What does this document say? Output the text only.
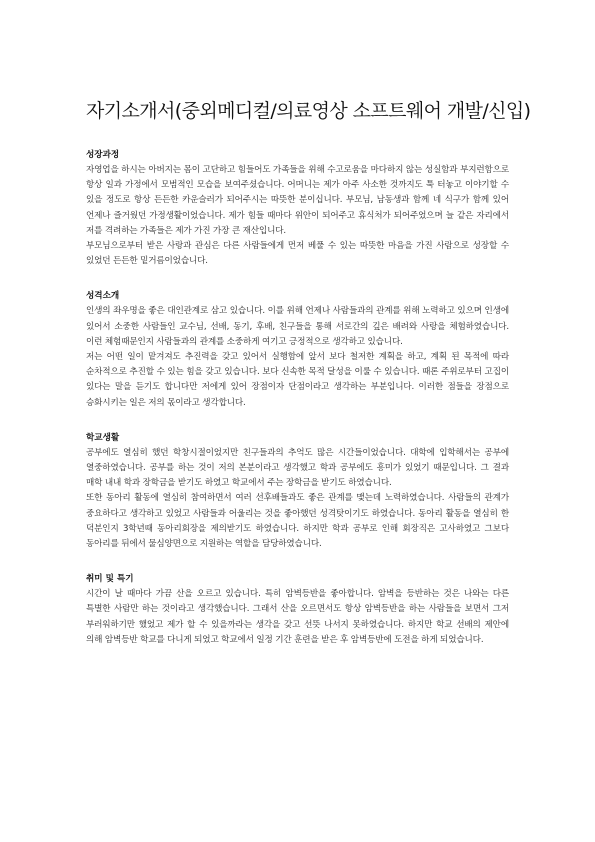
자기소개서(중외메디컬/의료영상 소프트웨어 개발/신입)
성장과정

자영업을 하시는 아버지는 몸이 고단하고 힘들어도 가족들을 위해 수고로움을 마다하지 않는 성실함과 부지런함으로 항상 일과 가정에서 모범적인 모습을 보여주셨습니다. 어머니는 제가 아주 사소한 것까지도 툭 터놓고 이야기할 수 있을 정도로 항상 든든한 카운슬러가 되어주시는 따뜻한 분이십니다. 부모님, 남동생과 함께 네 식구가 함께 있어 언제나 즐거웠던 가정생활이었습니다. 제가 힘들 때마다 위안이 되어주고 휴식처가 되어주었으며 늘 같은 자리에서 저를 격려하는 가족들은 제가 가진 가장 큰 재산입니다.

부모님으로부터 받은 사랑과 관심은 다른 사람들에게 먼저 베풀 수 있는 따뜻한 마음을 가진 사람으로 성장할 수 있었던 든든한 밑거름이었습니다.

성격소개

인생의 좌우명을 좋은 대인관계로 삼고 있습니다. 이를 위해 언제나 사람들과의 관계를 위해 노력하고 있으며 인생에 있어서 소중한 사람들인 교수님, 선배, 동기, 후배, 친구들을 통해 서로간의 깊은 배려와 사랑을 체험하였습니다. 이런 체험때문인지 사람들과의 관계를 소중하게 여기고 긍정적으로 생각하고 있습니다.

저는 어떤 일이 맡겨져도 추진력을 갖고 있어서 실행함에 앞서 보다 철저한 계획을 하고, 계획 된 목적에 따라 순차적으로 추진할 수 있는 힘을 갖고 있습니다. 보다 신속한 목적 달성을 이룰 수 있습니다. 때론 주위로부터 고집이 있다는 말을 듣기도 합니다만 저에게 있어 장점이자 단점이라고 생각하는 부분입니다. 이러한 점들을 장점으로 승화시키는 일은 저의 몫이라고 생각합니다.

학교생활

공부에도 열심히 했던 학창시절이었지만 친구들과의 추억도 많은 시간들이었습니다. 대학에 입학해서는 공부에 열중하였습니다. 공부를 하는 것이 저의 본분이라고 생각했고 학과 공부에도 흥미가 있었기 때문입니다. 그 결과 매학 내내 학과 장학금을 받기도 하였고 학교에서 주는 장학금을 받기도 하였습니다.

또한 동아리 활동에 열심히 참여하면서 여러 선후배들과도 좋은 관계를 맺는데 노력하였습니다. 사람들의 관계가 중요하다고 생각하고 있었고 사람들과 어울리는 것을 좋아했던 성격탓이기도 하였습니다. 동아리 활동을 열심히 한 덕분인지 3학년때 동아리회장을 제의받기도 하였습니다. 하지만 학과 공부로 인해 회장직은 고사하였고 그보다 동아리를 뒤에서 물심양면으로 지원하는 역할을 담당하였습니다.

취미 및 특기

시간이 날 때마다 가끔 산을 오르고 있습니다. 특히 암벽등반을 좋아합니다. 암벽을 등반하는 것은 나와는 다른 특별한 사람만 하는 것이라고 생각했습니다. 그래서 산을 오르면서도 항상 암벽등반을 하는 사람들을 보면서 그저 부러워하기만 했었고 제가 할 수 있을까라는 생각을 갖고 선뜻 나서지 못하였습니다. 하지만 학교 선배의 제안에 의해 암벽등반 학교를 다니게 되었고 학교에서 일정 기간 훈련을 받은 후 암벽등반에 도전을 하게 되었습니다.
